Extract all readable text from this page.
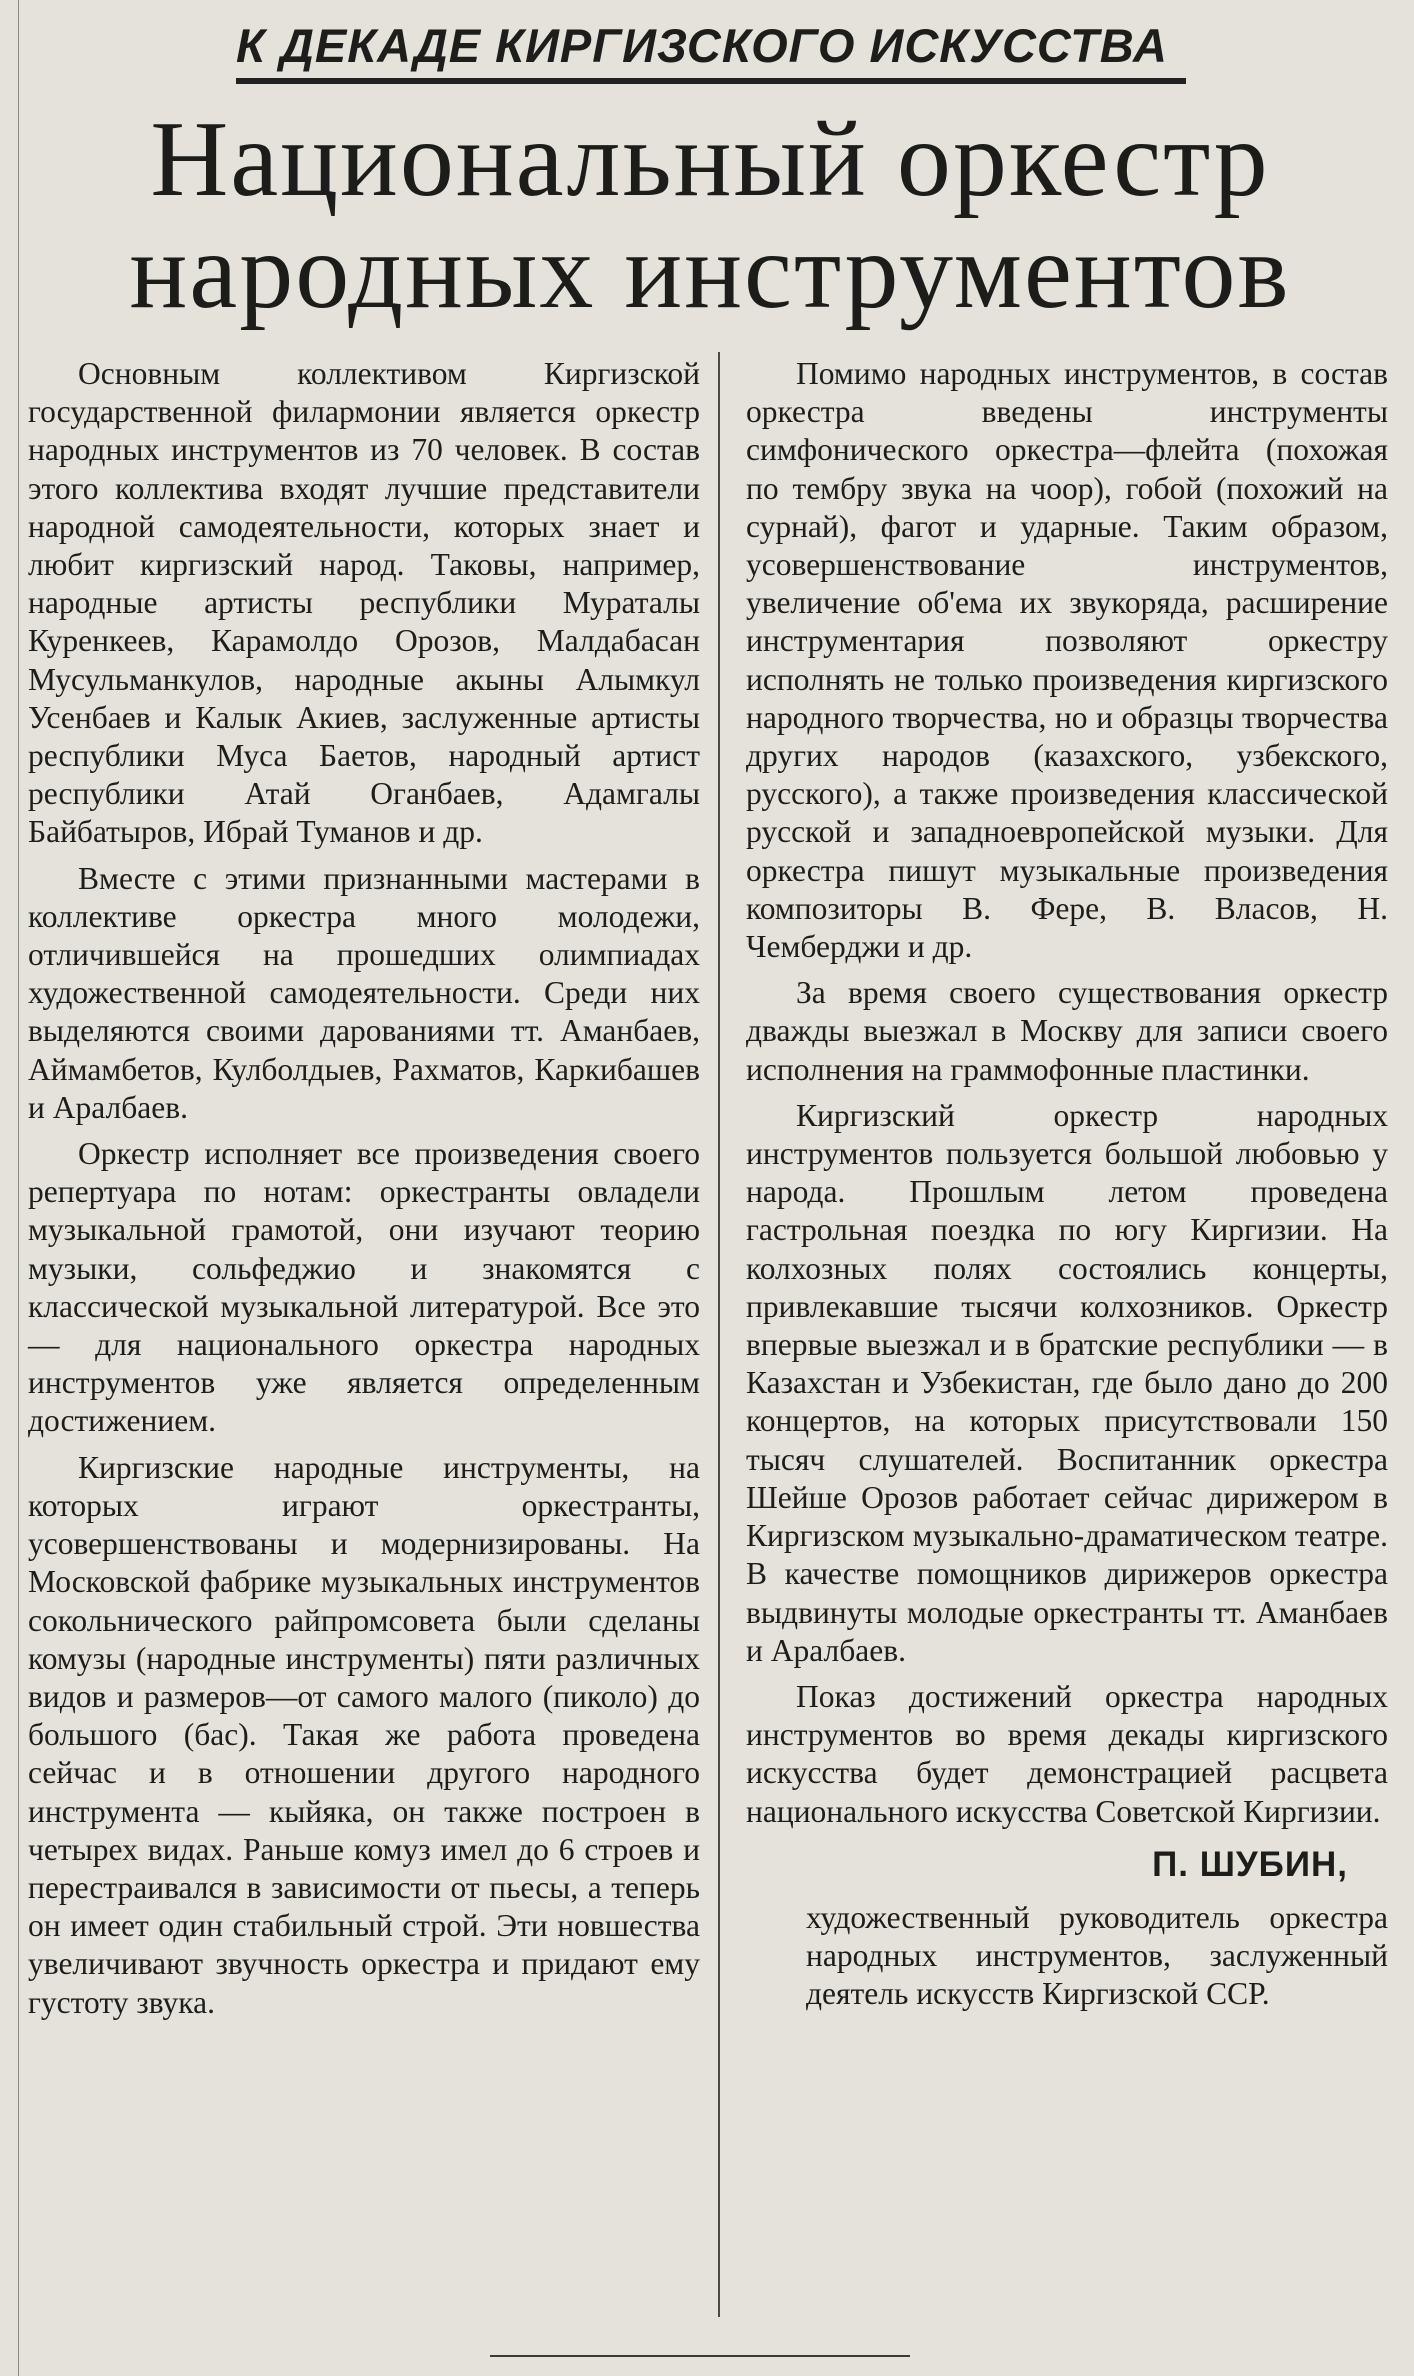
К ДЕКАДЕ КИРГИЗСКОГО ИСКУССТВА
Национальный оркестр
народных инструментов

Основным коллективом Киргизской государственной филармонии является оркестр народных инструментов из 70 человек. В состав этого коллектива входят лучшие представители народной самодеятельности, которых знает и любит киргизский народ. Таковы, например, народные артисты республики Мураталы Куренкеев, Карамолдо Орозов, Малдабасан Мусульманкулов, народные акыны Алымкул Усенбаев и Калык Акиев, заслуженные артисты республики Муса Баетов, народный артист республики Атай Оганбаев, Адамгалы Байбатыров, Ибрай Туманов и др.

Вместе с этими признанными мастерами в коллективе оркестра много молодежи, отличившейся на прошедших олимпиадах художественной самодеятельности. Среди них выделяются своими дарованиями тт. Аманбаев, Аймамбетов, Кулболдыев, Рахматов, Каркибашев и Аралбаев.

Оркестр исполняет все произведения своего репертуара по нотам: оркестранты овладели музыкальной грамотой, они изучают теорию музыки, сольфеджио и знакомятся с классической музыкальной литературой. Все это — для национального оркестра народных инструментов уже является определенным достижением.

Киргизские народные инструменты, на которых играют оркестранты, усовершенствованы и модернизированы. На Московской фабрике музыкальных инструментов сокольнического райпромсовета были сделаны комузы (народные инструменты) пяти различных видов и размеров—от самого малого (пиколо) до большого (бас). Такая же работа проведена сейчас и в отношении другого народного инструмента — кыйяка, он также построен в четырех видах. Раньше комуз имел до 6 строев и перестраивался в зависимости от пьесы, а теперь он имеет один стабильный строй. Эти новшества увеличивают звучность оркестра и придают ему густоту звука.

Помимо народных инструментов, в состав оркестра введены инструменты симфонического оркестра—флейта (похожая по тембру звука на чоор), гобой (похожий на сурнай), фагот и ударные. Таким образом, усовершенствование инструментов, увеличение об'ема их звукоряда, расширение инструментария позволяют оркестру исполнять не только произведения киргизского народного творчества, но и образцы творчества других народов (казахского, узбекского, русского), а также произведения классической русской и западноевропейской музыки. Для оркестра пишут музыкальные произведения композиторы В. Фере, В. Власов, Н. Чемберджи и др.

За время своего существования оркестр дважды выезжал в Москву для записи своего исполнения на граммофонные пластинки.

Киргизский оркестр народных инструментов пользуется большой любовью у народа. Прошлым летом проведена гастрольная поездка по югу Киргизии. На колхозных полях состоялись концерты, привлекавшие тысячи колхозников. Оркестр впервые выезжал и в братские республики — в Казахстан и Узбекистан, где было дано до 200 концертов, на которых присутствовали 150 тысяч слушателей. Воспитанник оркестра Шейше Орозов работает сейчас дирижером в Киргизском музыкально-драматическом театре. В качестве помощников дирижеров оркестра выдвинуты молодые оркестранты тт. Аманбаев и Аралбаев.

Показ достижений оркестра народных инструментов во время декады киргизского искусства будет демонстрацией расцвета национального искусства Советской Киргизии.

П. ШУБИН,
художественный руководитель оркестра народных инструментов, заслуженный деятель искусств Киргизской ССР.
